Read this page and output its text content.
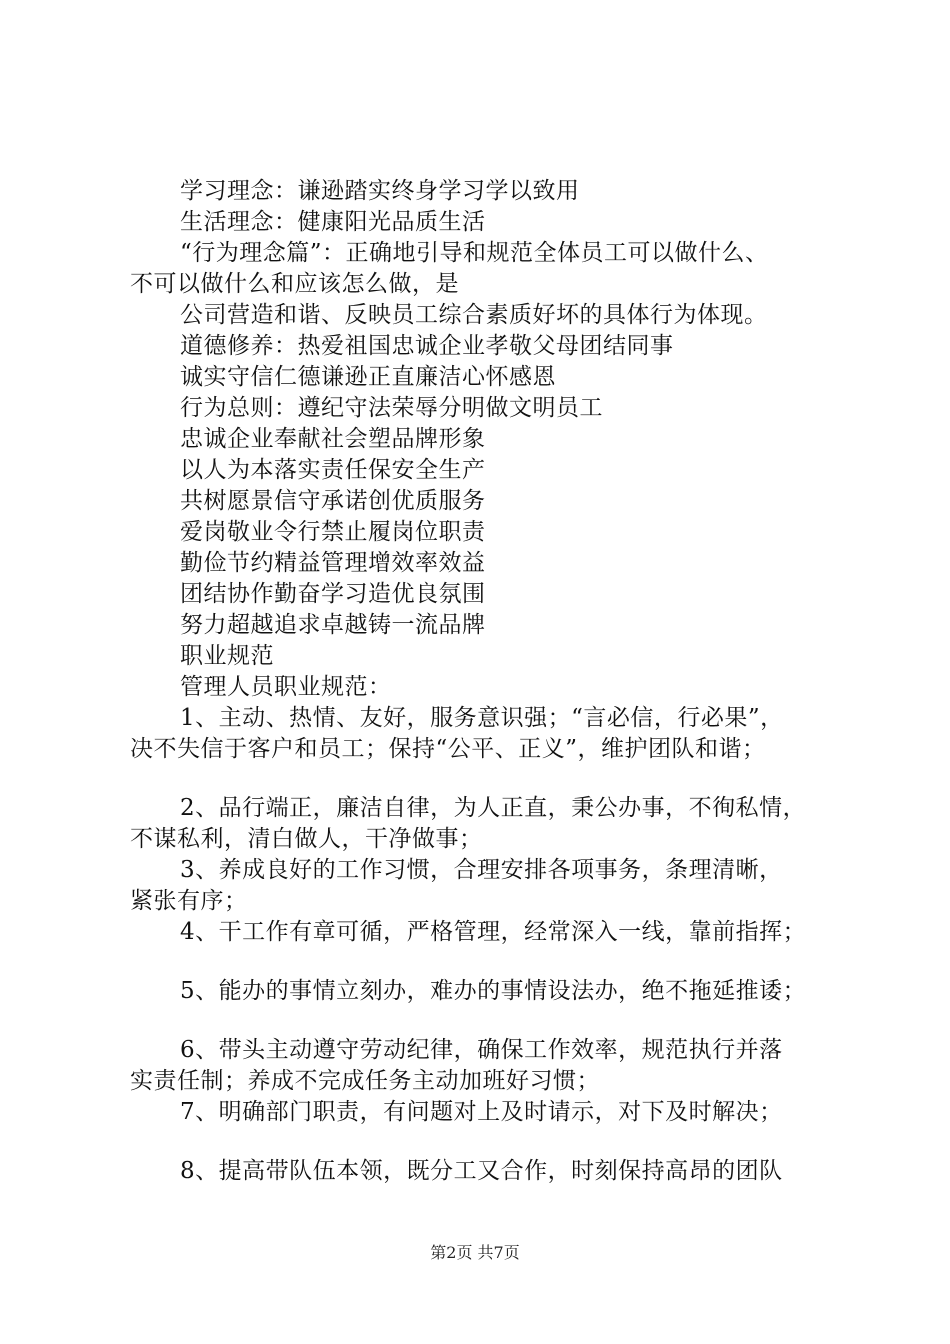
学习理念：谦逊踏实终身学习学以致用
生活理念：健康阳光品质生活
“行为理念篇”：正确地引导和规范全体员工可以做什么、
不可以做什么和应该怎么做，是
公司营造和谐、反映员工综合素质好坏的具体行为体现。
道德修养：热爱祖国忠诚企业孝敬父母团结同事
诚实守信仁德谦逊正直廉洁心怀感恩
行为总则：遵纪守法荣辱分明做文明员工
忠诚企业奉献社会塑品牌形象
以人为本落实责任保安全生产
共树愿景信守承诺创优质服务
爱岗敬业令行禁止履岗位职责
勤俭节约精益管理增效率效益
团结协作勤奋学习造优良氛围
努力超越追求卓越铸一流品牌
职业规范
管理人员职业规范：
1、主动、热情、友好，服务意识强；“言必信，行必果”，
决不失信于客户和员工；保持“公平、正义”，维护团队和谐；
2、品行端正，廉洁自律，为人正直，秉公办事，不徇私情，
不谋私利，清白做人，干净做事；
3、养成良好的工作习惯，合理安排各项事务，条理清晰，
紧张有序；
4、干工作有章可循，严格管理，经常深入一线，靠前指挥；
5、能办的事情立刻办，难办的事情设法办，绝不拖延推诿；
6、带头主动遵守劳动纪律，确保工作效率，规范执行并落
实责任制；养成不完成任务主动加班好习惯；
7、明确部门职责，有问题对上及时请示，对下及时解决；
8、提高带队伍本领，既分工又合作，时刻保持高昂的团队
第2页 共7页
